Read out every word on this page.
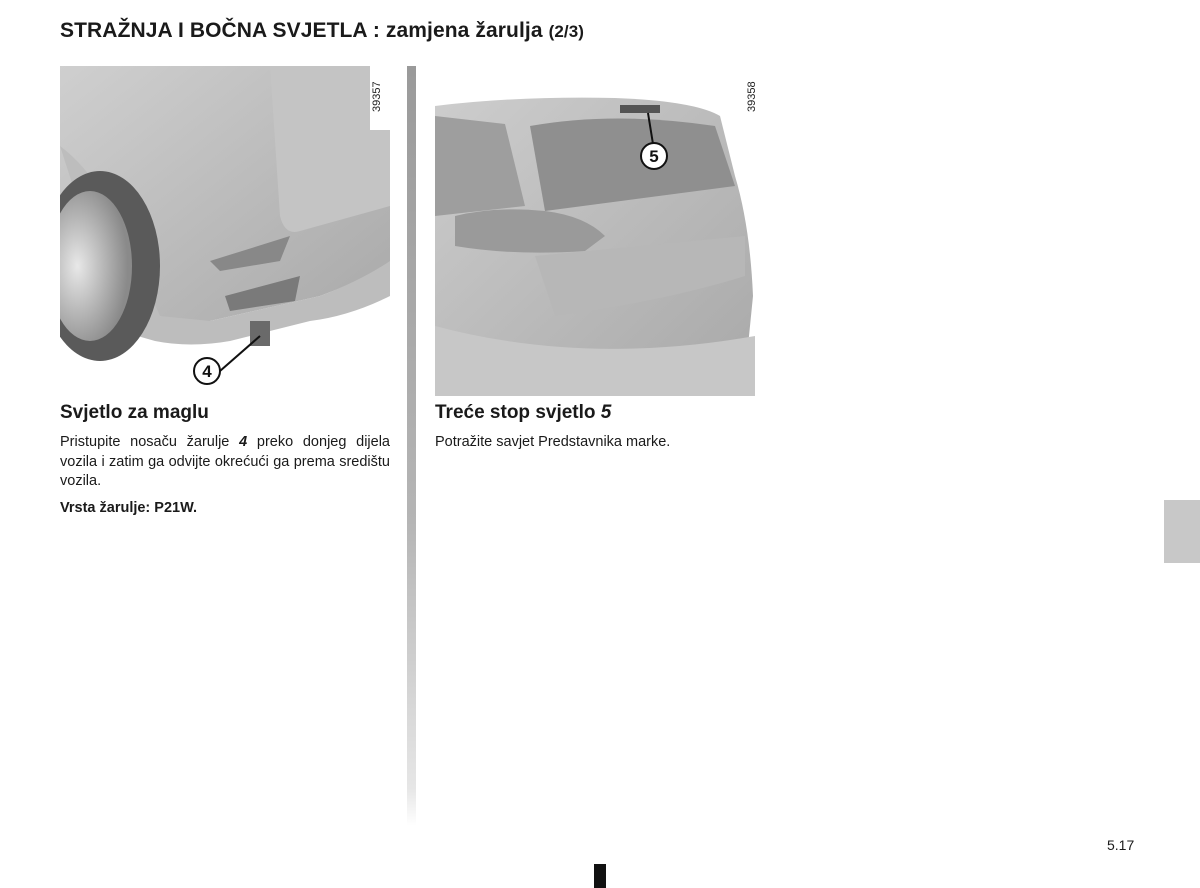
STRAŽNJA I BOČNA SVJETLA : zamjena žarulja (2/3)
4
39357
5
39358
Svjetlo za maglu
Pristupite nosaču žarulje 4 preko donjeg dijela vozila i zatim ga odvijte okrećući ga prema središtu vozila.
Vrsta žarulje: P21W.
Treće stop svjetlo 5
Potražite savjet Predstavnika marke.
5.17
